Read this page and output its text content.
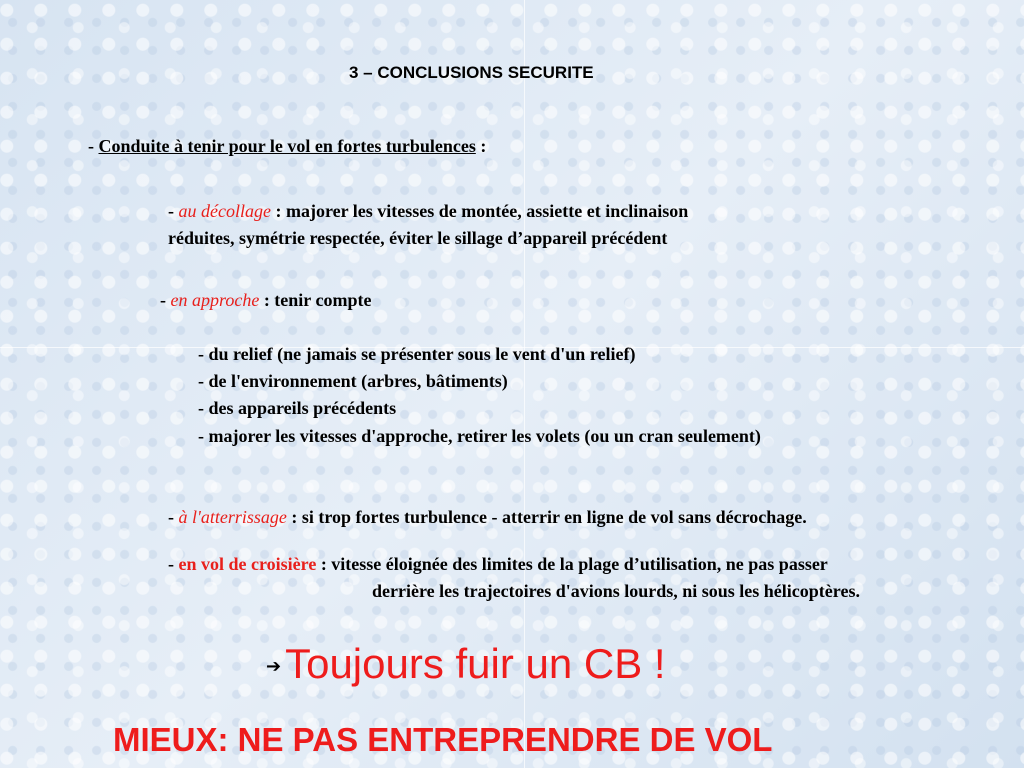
3 – CONCLUSIONS SECURITE
- Conduite à tenir pour le vol en fortes turbulences :
- au décollage : majorer les vitesses de montée, assiette et inclinaison
réduites, symétrie respectée, éviter le sillage d’appareil précédent
- en approche : tenir compte
- du relief (ne jamais se présenter sous le vent d'un relief)
- de l'environnement (arbres, bâtiments)
- des appareils précédents
- majorer les vitesses d'approche, retirer les volets (ou un cran seulement)
- à l'atterrissage : si trop fortes turbulence - atterrir en ligne de vol sans décrochage.
- en vol de croisière : vitesse éloignée des limites de la plage d’utilisation, ne pas passer
derrière les trajectoires d'avions lourds, ni sous les hélicoptères.
➔Toujours fuir un CB !
MIEUX: NE PAS ENTREPRENDRE DE VOL
